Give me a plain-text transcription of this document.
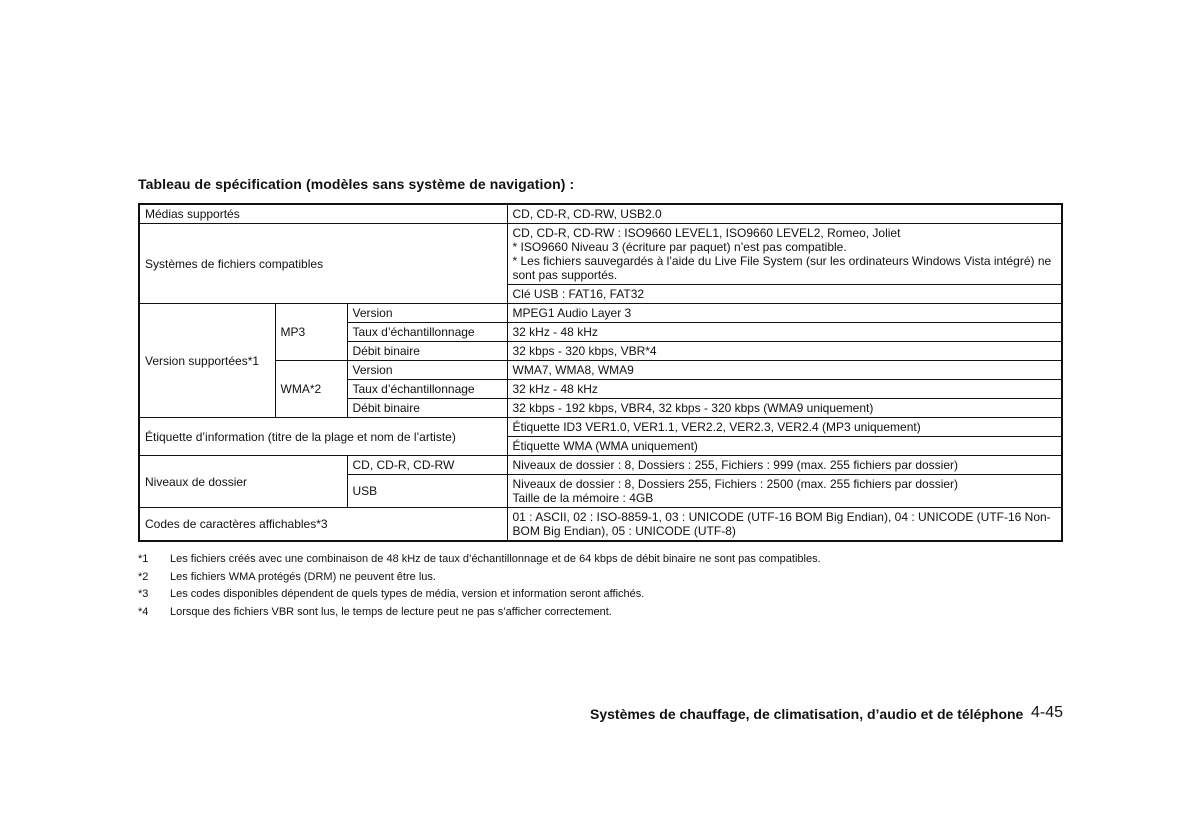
Tableau de spécification (modèles sans système de navigation) :
Médias supportés			CD, CD-R, CD-RW, USB2.0
Systèmes de fichiers compatibles			CD, CD-R, CD-RW : ISO9660 LEVEL1, ISO9660 LEVEL2, Romeo, Joliet
* ISO9660 Niveau 3 (écriture par paquet) n’est pas compatible.
* Les fichiers sauvegardés à l’aide du Live File System (sur les ordinateurs Windows Vista intégré) ne sont pas supportés.

			Clé USB : FAT16, FAT32
Version supportées*1	MP3	Version	MPEG1 Audio Layer 3
		Taux d’échantillonnage	32 kHz - 48 kHz
		Débit binaire	32 kbps - 320 kbps, VBR*4
	WMA*2	Version	WMA7, WMA8, WMA9
		Taux d’échantillonnage	32 kHz - 48 kHz
		Débit binaire	32 kbps - 192 kbps, VBR4, 32 kbps - 320 kbps (WMA9 uniquement)
Étiquette d’information (titre de la plage et nom de l’artiste)			Étiquette ID3 VER1.0, VER1.1, VER2.2, VER2.3, VER2.4 (MP3 uniquement)
			Étiquette WMA (WMA uniquement)
Niveaux de dossier		CD, CD-R, CD-RW	Niveaux de dossier : 8, Dossiers : 255, Fichiers : 999 (max. 255 fichiers par dossier)
		USB	Niveaux de dossier : 8, Dossiers 255, Fichiers : 2500 (max. 255 fichiers par dossier)
Taille de la mémoire : 4GB

Codes de caractères affichables*3			01 : ASCII, 02 : ISO-8859-1, 03 : UNICODE (UTF-16 BOM Big Endian), 04 : UNICODE (UTF-16 Non-BOM Big Endian), 05 : UNICODE (UTF-8)
*1	Les fichiers créés avec une combinaison de 48 kHz de taux d’échantillonnage et de 64 kbps de débit binaire ne sont pas compatibles.
*2	Les fichiers WMA protégés (DRM) ne peuvent être lus.
*3	Les codes disponibles dépendent de quels types de média, version et information seront affichés.
*4	Lorsque des fichiers VBR sont lus, le temps de lecture peut ne pas s’afficher correctement.
Systèmes de chauffage, de climatisation, d’audio et de téléphone 4-45
